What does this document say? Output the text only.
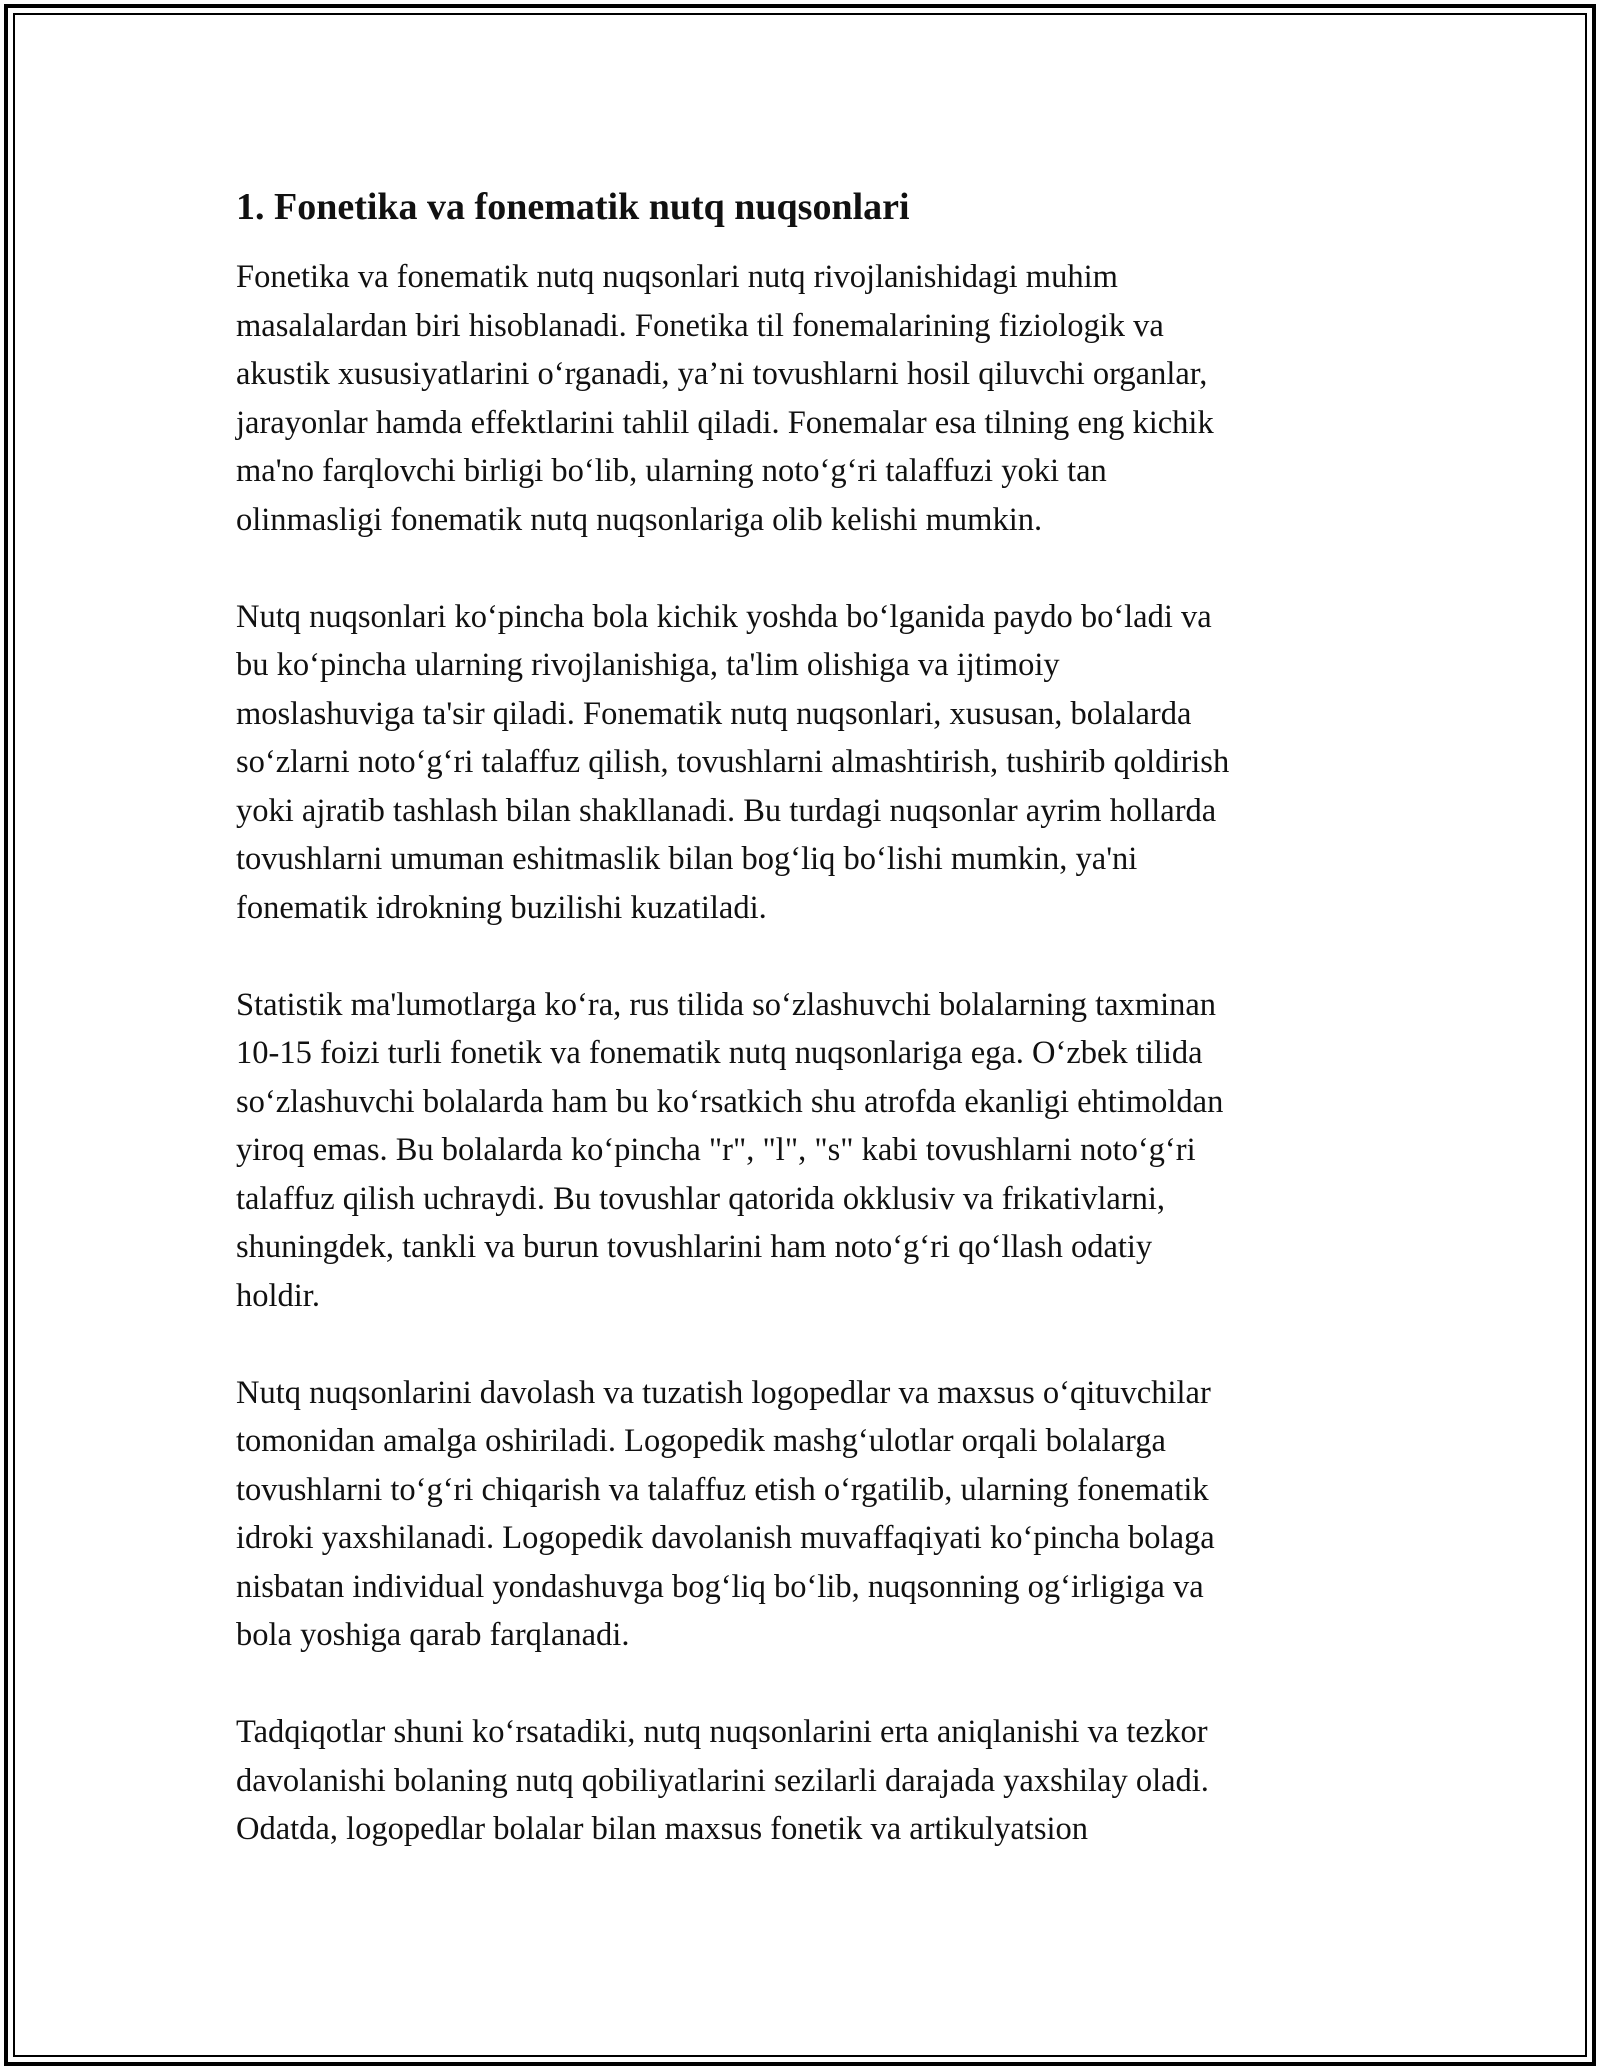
1. Fonetika va fonematik nutq nuqsonlari

Fonetika va fonematik nutq nuqsonlari nutq rivojlanishidagi muhim
masalalardan biri hisoblanadi. Fonetika til fonemalarining fiziologik va
akustik xususiyatlarini o‘rganadi, ya’ni tovushlarni hosil qiluvchi organlar,
jarayonlar hamda effektlarini tahlil qiladi. Fonemalar esa tilning eng kichik
ma'no farqlovchi birligi bo‘lib, ularning noto‘g‘ri talaffuzi yoki tan
olinmasligi fonematik nutq nuqsonlariga olib kelishi mumkin.

Nutq nuqsonlari ko‘pincha bola kichik yoshda bo‘lganida paydo bo‘ladi va
bu ko‘pincha ularning rivojlanishiga, ta'lim olishiga va ijtimoiy
moslashuviga ta'sir qiladi. Fonematik nutq nuqsonlari, xususan, bolalarda
so‘zlarni noto‘g‘ri talaffuz qilish, tovushlarni almashtirish, tushirib qoldirish
yoki ajratib tashlash bilan shakllanadi. Bu turdagi nuqsonlar ayrim hollarda
tovushlarni umuman eshitmaslik bilan bog‘liq bo‘lishi mumkin, ya'ni
fonematik idrokning buzilishi kuzatiladi.

Statistik ma'lumotlarga ko‘ra, rus tilida so‘zlashuvchi bolalarning taxminan
10-15 foizi turli fonetik va fonematik nutq nuqsonlariga ega. O‘zbek tilida
so‘zlashuvchi bolalarda ham bu ko‘rsatkich shu atrofda ekanligi ehtimoldan
yiroq emas. Bu bolalarda ko‘pincha "r", "l", "s" kabi tovushlarni noto‘g‘ri
talaffuz qilish uchraydi. Bu tovushlar qatorida okklusiv va frikativlarni,
shuningdek, tankli va burun tovushlarini ham noto‘g‘ri qo‘llash odatiy
holdir.

Nutq nuqsonlarini davolash va tuzatish logopedlar va maxsus o‘qituvchilar
tomonidan amalga oshiriladi. Logopedik mashg‘ulotlar orqali bolalarga
tovushlarni to‘g‘ri chiqarish va talaffuz etish o‘rgatilib, ularning fonematik
idroki yaxshilanadi. Logopedik davolanish muvaffaqiyati ko‘pincha bolaga
nisbatan individual yondashuvga bog‘liq bo‘lib, nuqsonning og‘irligiga va
bola yoshiga qarab farqlanadi.

Tadqiqotlar shuni ko‘rsatadiki, nutq nuqsonlarini erta aniqlanishi va tezkor
davolanishi bolaning nutq qobiliyatlarini sezilarli darajada yaxshilay oladi.
Odatda, logopedlar bolalar bilan maxsus fonetik va artikulyatsion
